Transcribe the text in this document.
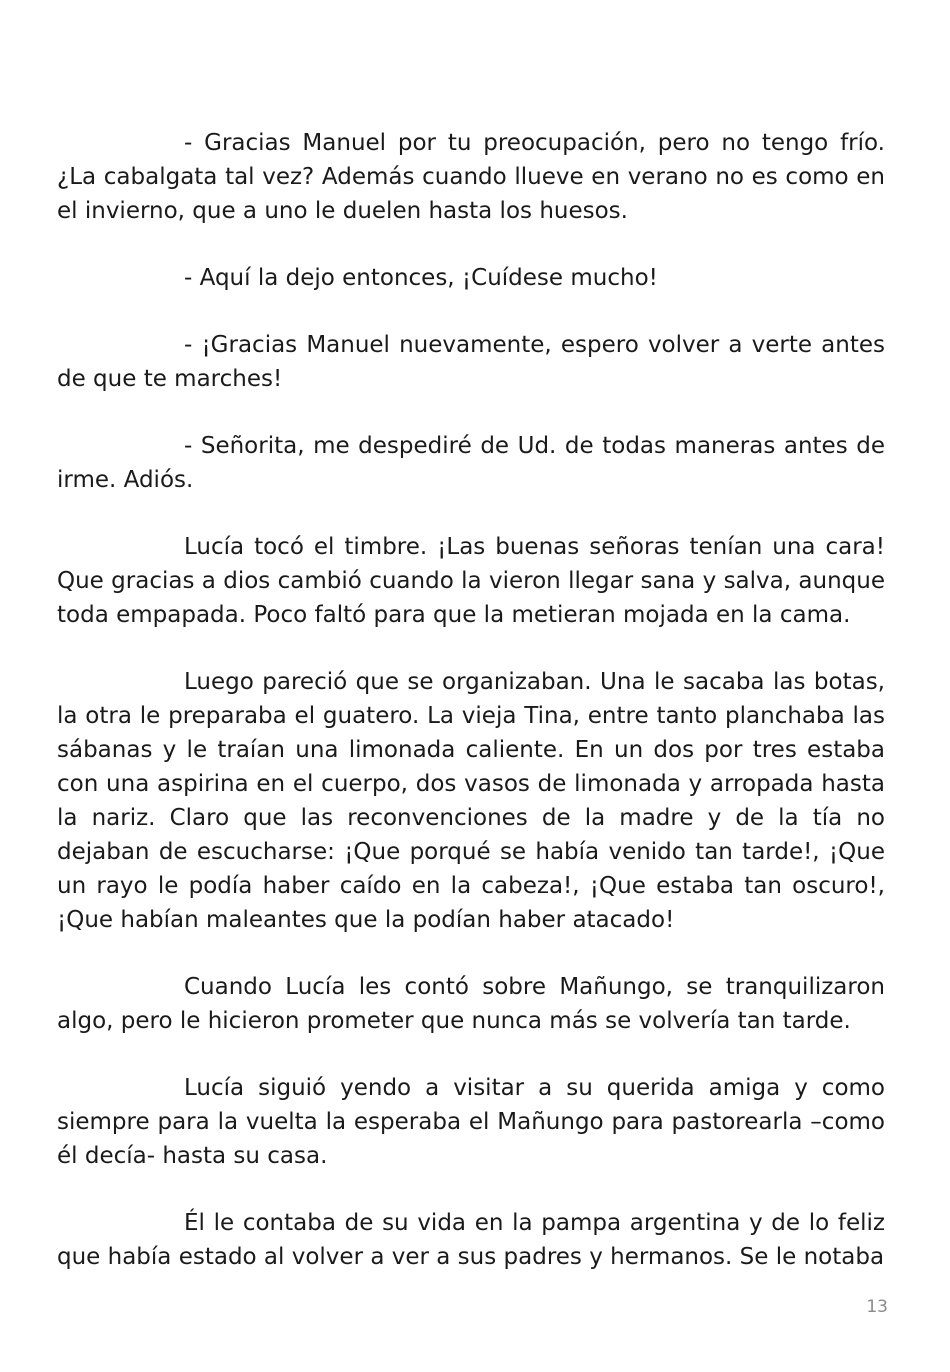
- Gracias Manuel por tu preocupación, pero no tengo frío. ¿La cabalgata tal vez? Además cuando llueve en verano no es como en el invierno, que a uno le duelen hasta los huesos.

- Aquí la dejo entonces, ¡Cuídese mucho!

- ¡Gracias Manuel nuevamente, espero volver a verte antes de que te marches!

- Señorita, me despediré de Ud. de todas maneras antes de irme. Adiós.

Lucía tocó el timbre. ¡Las buenas señoras tenían una cara! Que gracias a dios cambió cuando la vieron llegar sana y salva, aunque toda empapada. Poco faltó para que la metieran mojada en la cama.

Luego pareció que se organizaban. Una le sacaba las botas, la otra le preparaba el guatero. La vieja Tina, entre tanto planchaba las sábanas y le traían una limonada caliente. En un dos por tres estaba con una aspirina en el cuerpo, dos vasos de limonada y arropada hasta la nariz. Claro que las reconvenciones de la madre y de la tía no dejaban de escucharse: ¡Que porqué se había venido tan tarde!, ¡Que un rayo le podía haber caído en la cabeza!, ¡Que estaba tan oscuro!, ¡Que habían maleantes que la podían haber atacado!

Cuando Lucía les contó sobre Mañungo, se tranquilizaron algo, pero le hicieron prometer que nunca más se volvería tan tarde.

Lucía siguió yendo a visitar a su querida amiga y como siempre para la vuelta la esperaba el Mañungo para pastorearla –como él decía- hasta su casa.

Él le contaba de su vida en la pampa argentina y de lo feliz que había estado al volver a ver a sus padres y hermanos. Se le notaba

13
